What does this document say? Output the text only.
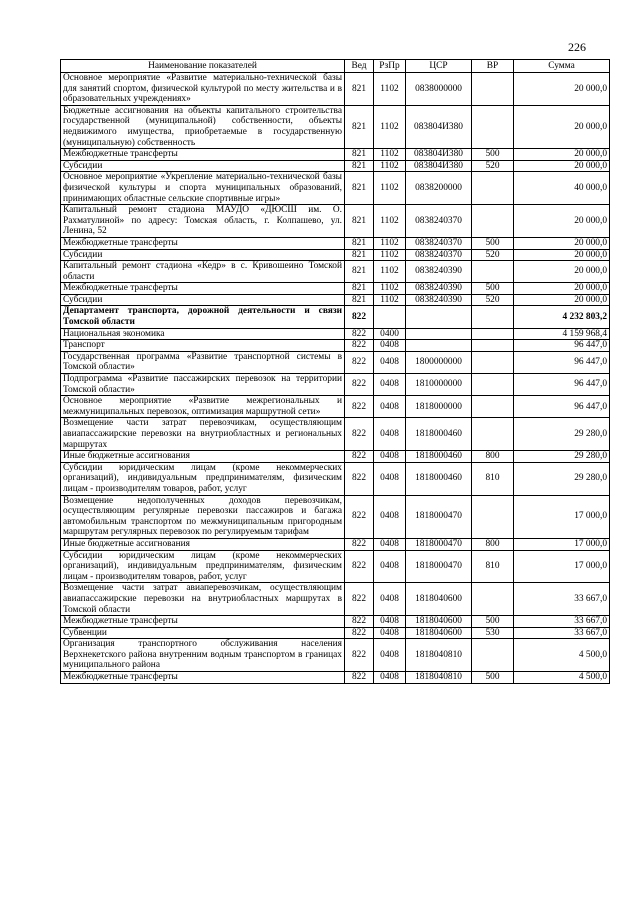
226
Наименование показателей	Вед	РзПр	ЦСР	ВР	Сумма
Основное мероприятие «Развитие материально-технической базы для занятий спортом, физической культурой по месту жительства и в образовательных учреждениях»	821	1102	0838000000		20 000,0
Бюджетные ассигнования на объекты капитального строительства государственной (муниципальной) собственности, объекты недвижимого имущества, приобретаемые в государственную (муниципальную) собственность	821	1102	083804И380		20 000,0
Межбюджетные трансферты	821	1102	083804И380	500	20 000,0
Субсидии	821	1102	083804И380	520	20 000,0
Основное мероприятие «Укрепление материально-технической базы физической культуры и спорта муниципальных образований, принимающих областные сельские спортивные игры»	821	1102	0838200000		40 000,0
Капитальный ремонт стадиона МАУДО «ДЮСШ им. О. Рахматулиной» по адресу: Томская область, г. Колпашево, ул. Ленина, 52	821	1102	0838240370		20 000,0
Межбюджетные трансферты	821	1102	0838240370	500	20 000,0
Субсидии	821	1102	0838240370	520	20 000,0
Капитальный ремонт стадиона «Кедр» в с. Кривошеино Томской области	821	1102	0838240390		20 000,0
Межбюджетные трансферты	821	1102	0838240390	500	20 000,0
Субсидии	821	1102	0838240390	520	20 000,0
Департамент транспорта, дорожной деятельности и связи Томской области	822				4 232 803,2
Национальная экономика	822	0400			4 159 968,4
Транспорт	822	0408			96 447,0
Государственная программа «Развитие транспортной системы в Томской области»	822	0408	1800000000		96 447,0
Подпрограмма «Развитие пассажирских перевозок на территории Томской области»	822	0408	1810000000		96 447,0
Основное мероприятие «Развитие межрегиональных и межмуниципальных перевозок, оптимизация маршрутной сети»	822	0408	1818000000		96 447,0
Возмещение части затрат перевозчикам, осуществляющим авиапассажирские перевозки на внутриобластных и региональных маршрутах	822	0408	1818000460		29 280,0
Иные бюджетные ассигнования	822	0408	1818000460	800	29 280,0
Субсидии юридическим лицам (кроме некоммерческих организаций), индивидуальным предпринимателям, физическим лицам - производителям товаров, работ, услуг	822	0408	1818000460	810	29 280,0
Возмещение недополученных доходов перевозчикам, осуществляющим регулярные перевозки пассажиров и багажа автомобильным транспортом по межмуниципальным пригородным маршрутам регулярных перевозок по регулируемым тарифам	822	0408	1818000470		17 000,0
Иные бюджетные ассигнования	822	0408	1818000470	800	17 000,0
Субсидии юридическим лицам (кроме некоммерческих организаций), индивидуальным предпринимателям, физическим лицам - производителям товаров, работ, услуг	822	0408	1818000470	810	17 000,0
Возмещение части затрат авиаперевозчикам, осуществляющим авиапассажирские перевозки на внутриобластных маршрутах в Томской области	822	0408	1818040600		33 667,0
Межбюджетные трансферты	822	0408	1818040600	500	33 667,0
Субвенции	822	0408	1818040600	530	33 667,0
Организация транспортного обслуживания населения Верхнекетского района внутренним водным транспортом в границах муниципального района	822	0408	1818040810		4 500,0
Межбюджетные трансферты	822	0408	1818040810	500	4 500,0
